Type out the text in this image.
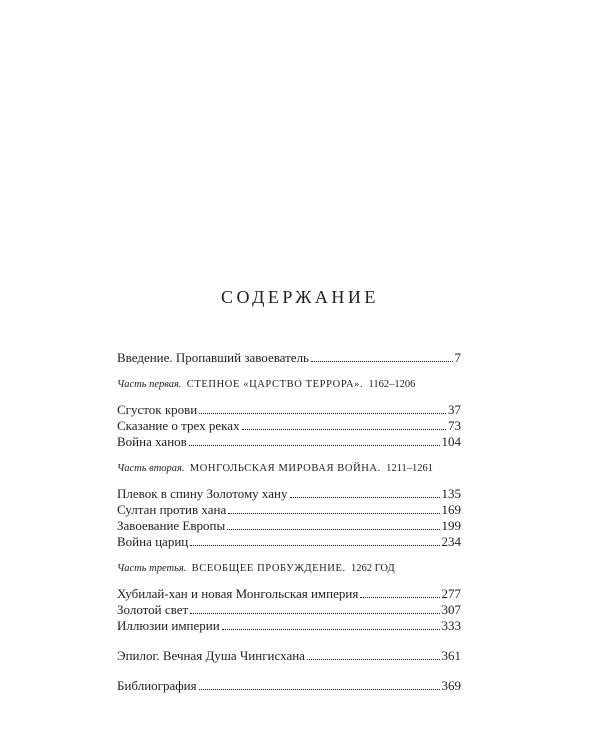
СОДЕРЖАНИЕ
Введение. Пропавший завоеватель	7
Часть первая. СТЕПНОЕ «ЦАРСТВО ТЕРРОРА». 1162–1206
Сгусток крови	37
Сказание о трех реках	73
Война ханов	104
Часть вторая. МОНГОЛЬСКАЯ МИРОВАЯ ВОЙНА. 1211–1261
Плевок в спину Золотому хану	135
Султан против хана	169
Завоевание Европы	199
Война цариц	234
Часть третья. ВСЕОБЩЕЕ ПРОБУЖДЕНИЕ. 1262 ГОД
Хубилай-хан и новая Монгольская империя	277
Золотой свет	307
Иллюзии империи	333
Эпилог. Вечная Душа Чингисхана	361
Библиография	369
